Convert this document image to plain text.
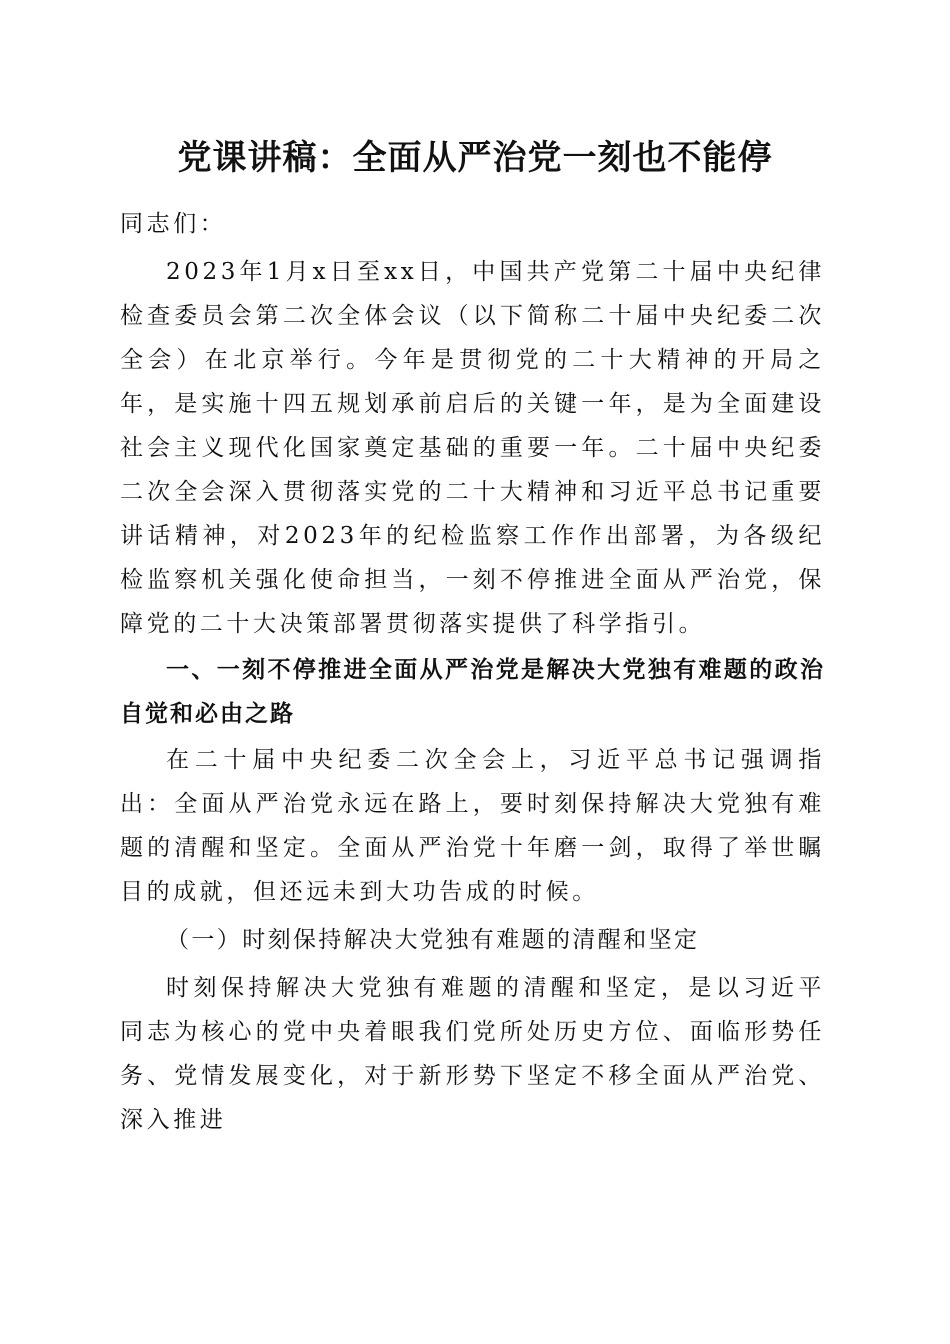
党课讲稿：全面从严治党一刻也不能停

同志们：

2023年1月x日至xx日，中国共产党第二十届中央纪律检查委员会第二次全体会议（以下简称二十届中央纪委二次全会）在北京举行。今年是贯彻党的二十大精神的开局之年，是实施十四五规划承前启后的关键一年，是为全面建设社会主义现代化国家奠定基础的重要一年。二十届中央纪委二次全会深入贯彻落实党的二十大精神和习近平总书记重要讲话精神，对2023年的纪检监察工作作出部署，为各级纪检监察机关强化使命担当，一刻不停推进全面从严治党，保障党的二十大决策部署贯彻落实提供了科学指引。

一、一刻不停推进全面从严治党是解决大党独有难题的政治自觉和必由之路

在二十届中央纪委二次全会上，习近平总书记强调指出：全面从严治党永远在路上，要时刻保持解决大党独有难题的清醒和坚定。全面从严治党十年磨一剑，取得了举世瞩目的成就，但还远未到大功告成的时候。

（一）时刻保持解决大党独有难题的清醒和坚定

时刻保持解决大党独有难题的清醒和坚定，是以习近平同志为核心的党中央着眼我们党所处历史方位、面临形势任务、党情发展变化，对于新形势下坚定不移全面从严治党、深入推进
